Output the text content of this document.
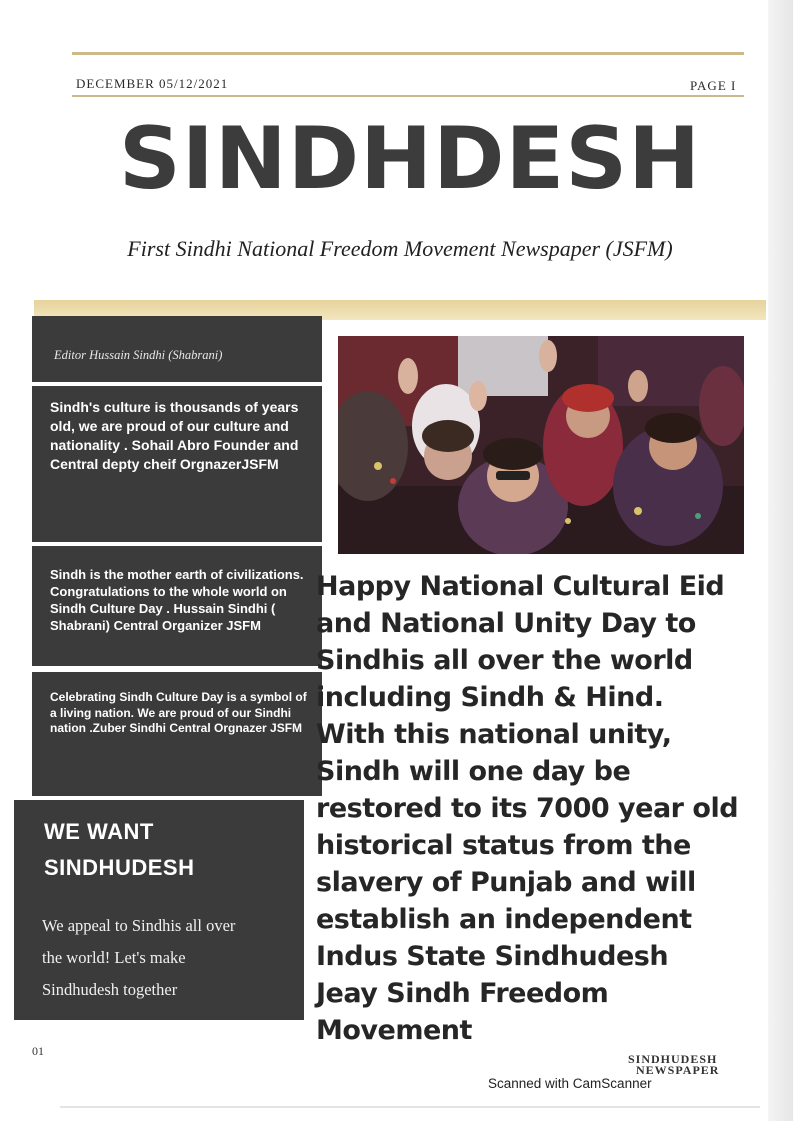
DECEMBER 05/12/2021	PAGE I
SINDHDESH
First Sindhi National Freedom Movement Newspaper (JSFM)
Editor Hussain Sindhi (Shabrani)
Sindh's culture is thousands of years old, we are proud of our culture and nationality . Sohail Abro Founder and Central depty cheif OrgnazerJSFM
Sindh is the mother earth of civilizations. Congratulations to the whole world on Sindh Culture Day . Hussain Sindhi ( Shabrani) Central Organizer JSFM
Celebrating Sindh Culture Day is a symbol of a living nation. We are proud of our Sindhi nation .Zuber Sindhi Central Orgnazer JSFM
WE WANT
SINDHUDESH
We appeal to Sindhis all over
the world! Let's make
Sindhudesh together
Happy National Cultural Eid
and National Unity Day to
Sindhis all over the world
including Sindh & Hind.
With this national unity,
Sindh will one day be
restored to its 7000 year old
historical status from the
slavery of Punjab and will
establish an independent
Indus State Sindhudesh
Jeay Sindh Freedom
Movement
01
SINDHUDESH
NEWSPAPER
Scanned with CamScanner
